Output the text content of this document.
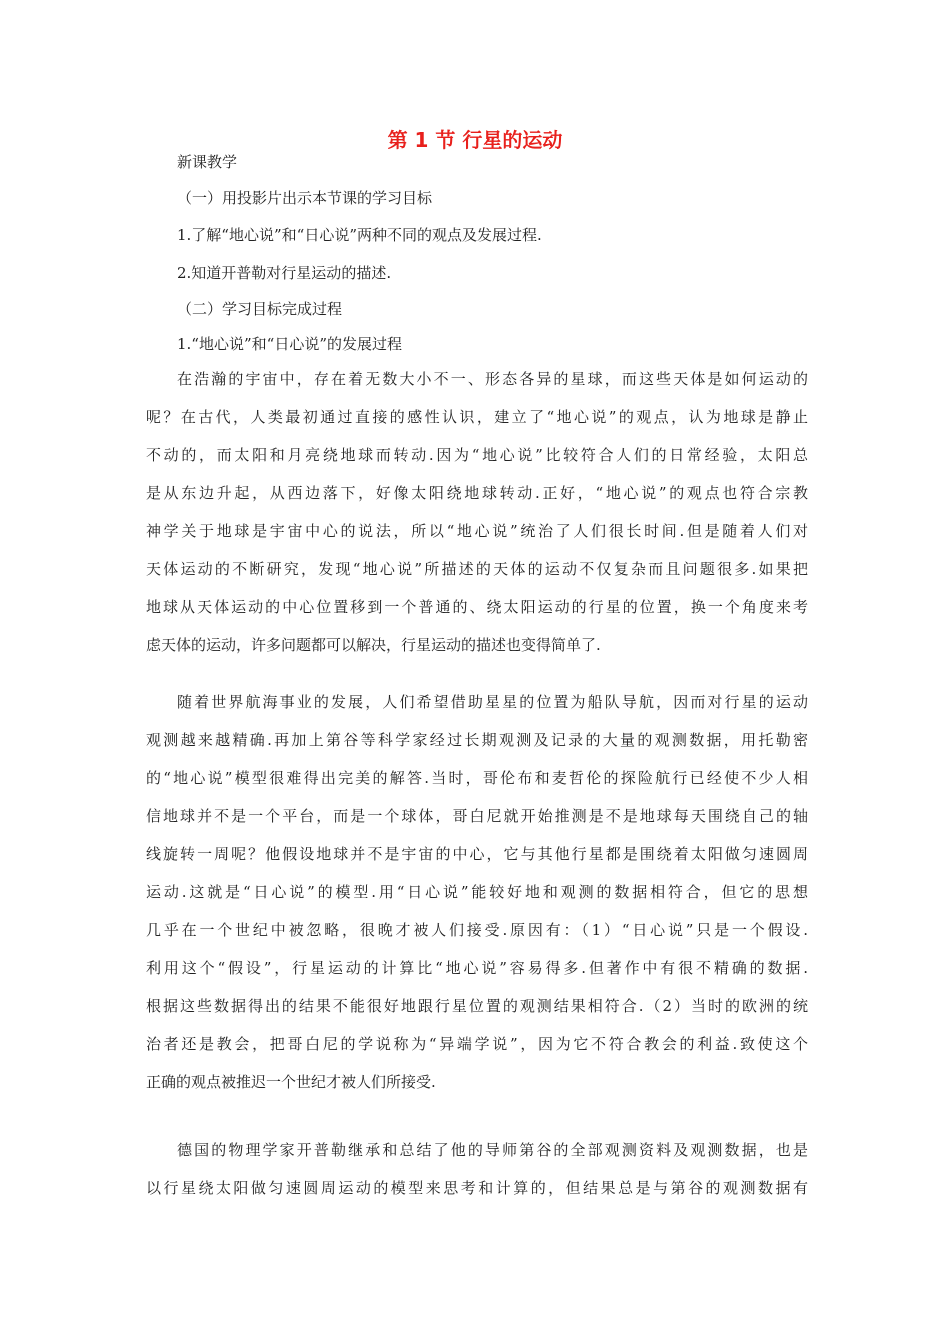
第 1 节 行星的运动
新课教学
（一）用投影片出示本节课的学习目标
1.了解“地心说”和“日心说”两种不同的观点及发展过程.
2.知道开普勒对行星运动的描述.
（二）学习目标完成过程
1.“地心说”和“日心说”的发展过程
在浩瀚的宇宙中，存在着无数大小不一、形态各异的星球，而这些天体是如何运动的
呢？在古代，人类最初通过直接的感性认识，建立了“地心说”的观点，认为地球是静止
不动的，而太阳和月亮绕地球而转动.因为“地心说”比较符合人们的日常经验，太阳总
是从东边升起，从西边落下，好像太阳绕地球转动.正好，“地心说”的观点也符合宗教
神学关于地球是宇宙中心的说法，所以“地心说”统治了人们很长时间.但是随着人们对
天体运动的不断研究，发现“地心说”所描述的天体的运动不仅复杂而且问题很多.如果把
地球从天体运动的中心位置移到一个普通的、绕太阳运动的行星的位置，换一个角度来考
虑天体的运动，许多问题都可以解决，行星运动的描述也变得简单了.
随着世界航海事业的发展，人们希望借助星星的位置为船队导航，因而对行星的运动
观测越来越精确.再加上第谷等科学家经过长期观测及记录的大量的观测数据，用托勒密
的“地心说”模型很难得出完美的解答.当时，哥伦布和麦哲伦的探险航行已经使不少人相
信地球并不是一个平台，而是一个球体，哥白尼就开始推测是不是地球每天围绕自己的轴
线旋转一周呢？他假设地球并不是宇宙的中心，它与其他行星都是围绕着太阳做匀速圆周
运动.这就是“日心说”的模型.用“日心说”能较好地和观测的数据相符合，但它的思想
几乎在一个世纪中被忽略，很晚才被人们接受.原因有：（1）“日心说”只是一个假设.
利用这个“假设”，行星运动的计算比“地心说”容易得多.但著作中有很不精确的数据.
根据这些数据得出的结果不能很好地跟行星位置的观测结果相符合.（2）当时的欧洲的统
治者还是教会，把哥白尼的学说称为“异端学说”，因为它不符合教会的利益.致使这个
正确的观点被推迟一个世纪才被人们所接受.
德国的物理学家开普勒继承和总结了他的导师第谷的全部观测资料及观测数据，也是
以行星绕太阳做匀速圆周运动的模型来思考和计算的，但结果总是与第谷的观测数据有
